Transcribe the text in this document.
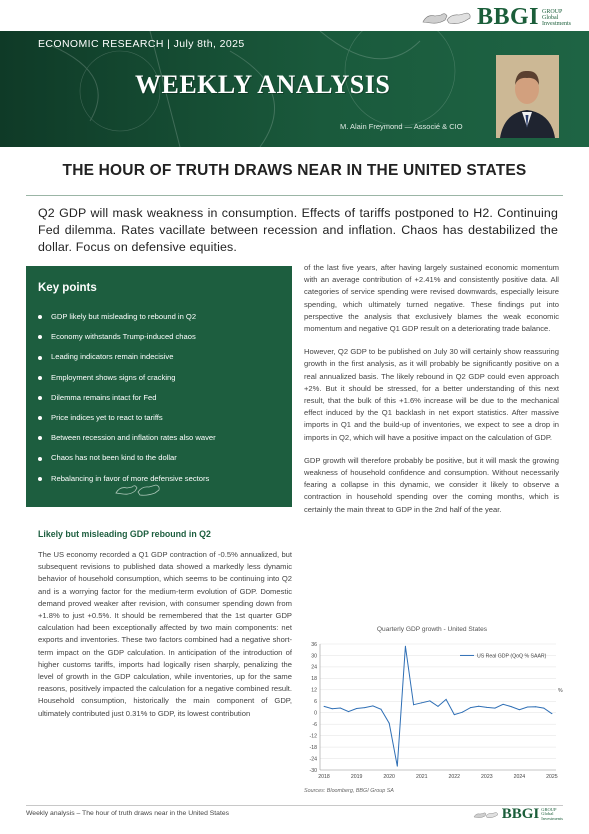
BBGI GROUP
Global
Investments
ECONOMIC RESEARCH | July 8th, 2025
WEEKLY ANALYSIS
M. Alain Freymond — Associé & CIO
THE HOUR OF TRUTH DRAWS NEAR IN THE UNITED STATES
Q2 GDP will mask weakness in consumption. Effects of tariffs postponed to H2. Continuing Fed dilemma. Rates vacillate between recession and inflation. Chaos has destabilized the dollar. Focus on defensive equities.
Key points
GDP likely but misleading to rebound in Q2
Economy withstands Trump-induced chaos
Leading indicators remain indecisive
Employment shows signs of cracking
Dilemma remains intact for Fed
Price indices yet to react to tariffs
Between recession and inflation rates also waver
Chaos has not been kind to the dollar
Rebalancing in favor of more defensive sectors
Likely but misleading GDP rebound in Q2
The US economy recorded a Q1 GDP contraction of -0.5% annualized, but subsequent revisions to published data showed a markedly less dynamic behavior of household consumption, which seems to be continuing into Q2 and is a worrying factor for the medium-term evolution of GDP. Domestic demand proved weaker after revision, with consumer spending down from +1.8% to just +0.5%. It should be remembered that the 1st quarter GDP calculation had been exceptionally affected by two main components: net exports and inventories. These two factors combined had a negative short-term impact on the GDP calculation. In anticipation of the introduction of higher customs tariffs, imports had logically risen sharply, penalizing the level of growth in the GDP calculation, while inventories, up for the same reasons, positively impacted the calculation for a negative combined result. Household consumption, historically the main component of GDP, ultimately contributed just 0.31% to GDP, its lowest contribution

of the last five years, after having largely sustained economic momentum with an average contribution of +2.41% and consistently positive data. All categories of service spending were revised downwards, especially leisure spending, which ultimately turned negative. These findings put into perspective the analysis that exclusively blames the weak economic momentum and negative Q1 GDP result on a deteriorating trade balance.

However, Q2 GDP to be published on July 30 will certainly show reassuring growth in the first analysis, as it will probably be significantly positive on a real annualized basis. The likely rebound in Q2 GDP could even approach +2%. But it should be stressed, for a better understanding of this next result, that the bulk of this +1.6% increase will be due to the mechanical effect induced by the Q1 backlash in net export statistics. After massive imports in Q1 and the build-up of inventories, we expect to see a drop in imports in Q2, which will have a positive impact on the calculation of GDP.

GDP growth will therefore probably be positive, but it will mask the growing weakness of household confidence and consumption. Without necessarily fearing a collapse in this dynamic, we consider it likely to observe a contraction in household spending over the coming months, which is certainly the main threat to GDP in the 2nd half of the year.

Quarterly GDP growth - United States
36
30
24
18
12
6
0
-6
-12
-18
-24
-30
2018	2019	2020	2021	2022	2023	2024	2025
%
US Real GDP (QoQ % SAAR)
Sources: Bloomberg, BBGI Group SA
Weekly analysis – The hour of truth draws near in the United States	BBGI GROUP
Global
Investments
